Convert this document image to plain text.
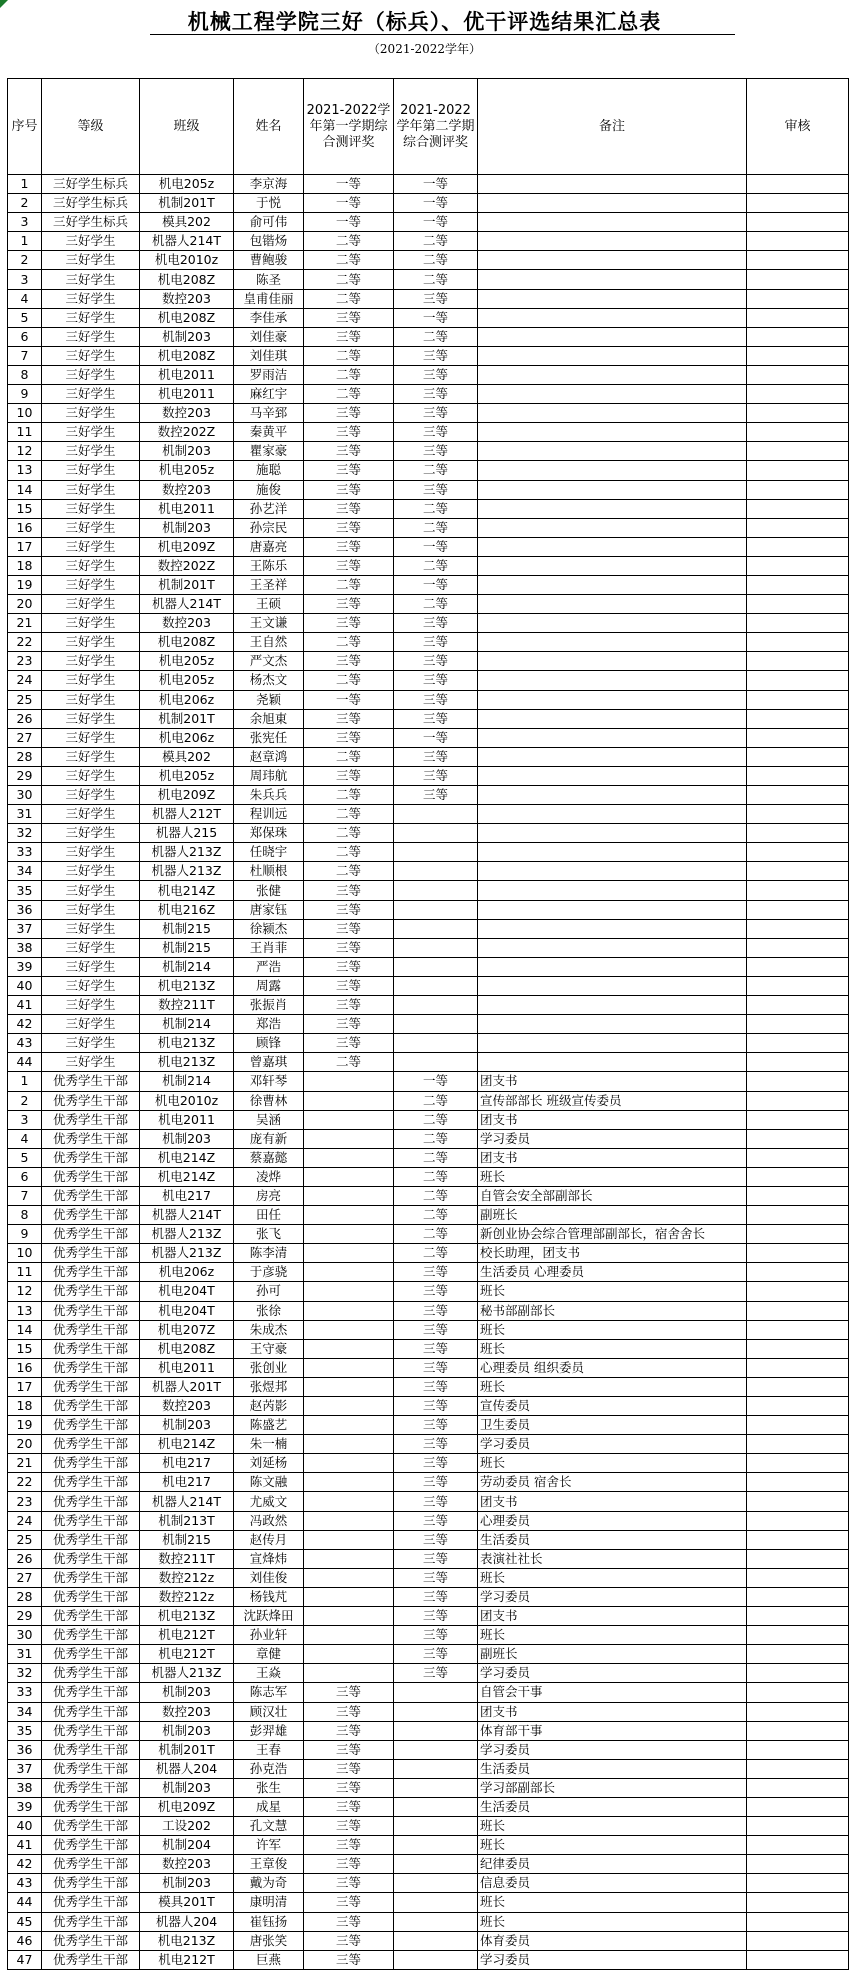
机械工程学院三好（标兵）、优干评选结果汇总表
（2021-2022学年）
序号	等级	班级	姓名	2021-2022学年第一学期综合测评奖	2021-2022学年第二学期综合测评奖	备注	审核
1	三好学生标兵	机电205z	李京海	一等	一等		
2	三好学生标兵	机制201T	于悦	一等	一等		
3	三好学生标兵	模具202	俞可伟	一等	一等		
1	三好学生	机器人214T	包锴炀	二等	二等		
2	三好学生	机电2010z	曹鲍骏	二等	二等		
3	三好学生	机电208Z	陈圣	二等	二等		
4	三好学生	数控203	皇甫佳丽	二等	三等		
5	三好学生	机电208Z	李佳承	三等	一等		
6	三好学生	机制203	刘佳豪	三等	二等		
7	三好学生	机电208Z	刘佳琪	二等	三等		
8	三好学生	机电2011	罗雨洁	二等	三等		
9	三好学生	机电2011	麻红宇	二等	三等		
10	三好学生	数控203	马辛郅	三等	三等		
11	三好学生	数控202Z	秦黄平	三等	三等		
12	三好学生	机制203	瞿家豪	三等	三等		
13	三好学生	机电205z	施聪	三等	二等		
14	三好学生	数控203	施俊	三等	三等		
15	三好学生	机电2011	孙艺洋	三等	二等		
16	三好学生	机制203	孙宗民	三等	二等		
17	三好学生	机电209Z	唐嘉亮	三等	一等		
18	三好学生	数控202Z	王陈乐	三等	二等		
19	三好学生	机制201T	王圣祥	二等	一等		
20	三好学生	机器人214T	王硕	三等	二等		
21	三好学生	数控203	王文谦	三等	三等		
22	三好学生	机电208Z	王自然	二等	三等		
23	三好学生	机电205z	严文杰	三等	三等		
24	三好学生	机电205z	杨杰文	二等	三等		
25	三好学生	机电206z	尧颖	一等	三等		
26	三好学生	机制201T	余旭東	三等	三等		
27	三好学生	机电206z	张宪任	三等	一等		
28	三好学生	模具202	赵章鸿	二等	三等		
29	三好学生	机电205z	周玮航	三等	三等		
30	三好学生	机电209Z	朱兵兵	二等	三等		
31	三好学生	机器人212T	程训远	二等			
32	三好学生	机器人215	郑保珠	二等			
33	三好学生	机器人213Z	任晓宇	二等			
34	三好学生	机器人213Z	杜顺根	二等			
35	三好学生	机电214Z	张健	三等			
36	三好学生	机电216Z	唐家钰	三等			
37	三好学生	机制215	徐颍杰	三等			
38	三好学生	机制215	王肖菲	三等			
39	三好学生	机制214	严浩	三等			
40	三好学生	机电213Z	周露	三等			
41	三好学生	数控211T	张振肖	三等			
42	三好学生	机制214	郑浩	三等			
43	三好学生	机电213Z	顾锋	三等			
44	三好学生	机电213Z	曾嘉琪	二等			
1	优秀学生干部	机制214	邓轩琴		一等	团支书	
2	优秀学生干部	机电2010z	徐曹林		二等	宣传部部长 班级宣传委员	
3	优秀学生干部	机电2011	吴涵		二等	团支书	
4	优秀学生干部	机制203	庞有新		二等	学习委员	
5	优秀学生干部	机电214Z	蔡嘉懿		二等	团支书	
6	优秀学生干部	机电214Z	凌烨		二等	班长	
7	优秀学生干部	机电217	房亮		二等	自管会安全部副部长	
8	优秀学生干部	机器人214T	田任		二等	副班长	
9	优秀学生干部	机器人213Z	张飞		二等	新创业协会综合管理部副部长，宿舍舍长	
10	优秀学生干部	机器人213Z	陈李清		二等	校长助理，团支书	
11	优秀学生干部	机电206z	于彦骁		三等	生活委员 心理委员	
12	优秀学生干部	机电204T	孙可		三等	班长	
13	优秀学生干部	机电204T	张徐		三等	秘书部副部长	
14	优秀学生干部	机电207Z	朱成杰		三等	班长	
15	优秀学生干部	机电208Z	王守豪		三等	班长	
16	优秀学生干部	机电2011	张创业		三等	心理委员 组织委员	
17	优秀学生干部	机器人201T	张煜邦		三等	班长	
18	优秀学生干部	数控203	赵芮影		三等	宣传委员	
19	优秀学生干部	机制203	陈盛艺		三等	卫生委员	
20	优秀学生干部	机电214Z	朱一楠		三等	学习委员	
21	优秀学生干部	机电217	刘延杨		三等	班长	
22	优秀学生干部	机电217	陈文融		三等	劳动委员 宿舍长	
23	优秀学生干部	机器人214T	尤威文		三等	团支书	
24	优秀学生干部	机制213T	冯政然		三等	心理委员	
25	优秀学生干部	机制215	赵传月		三等	生活委员	
26	优秀学生干部	数控211T	宣烽炜		三等	表演社社长	
27	优秀学生干部	数控212z	刘佳俊		三等	班长	
28	优秀学生干部	数控212z	杨钱芃		三等	学习委员	
29	优秀学生干部	机电213Z	沈跃烽田		三等	团支书	
30	优秀学生干部	机电212T	孙业轩		三等	班长	
31	优秀学生干部	机电212T	章健		三等	副班长	
32	优秀学生干部	机器人213Z	王焱		三等	学习委员	
33	优秀学生干部	机制203	陈志军	三等		自管会干事	
34	优秀学生干部	数控203	顾汉壮	三等		团支书	
35	优秀学生干部	机制203	彭羿雄	三等		体育部干事	
36	优秀学生干部	机制201T	王春	三等		学习委员	
37	优秀学生干部	机器人204	孙克浩	三等		生活委员	
38	优秀学生干部	机制203	张生	三等		学习部副部长	
39	优秀学生干部	机电209Z	成星	三等		生活委员	
40	优秀学生干部	工设202	孔文慧	三等		班长	
41	优秀学生干部	机制204	许军	三等		班长	
42	优秀学生干部	数控203	王章俊	三等		纪律委员	
43	优秀学生干部	机制203	戴为奇	三等		信息委员	
44	优秀学生干部	模具201T	康明清	三等		班长	
45	优秀学生干部	机器人204	崔钰扬	三等		班长	
46	优秀学生干部	机电213Z	唐张笑	三等		体育委员	
47	优秀学生干部	机电212T	巨燕	三等		学习委员	
